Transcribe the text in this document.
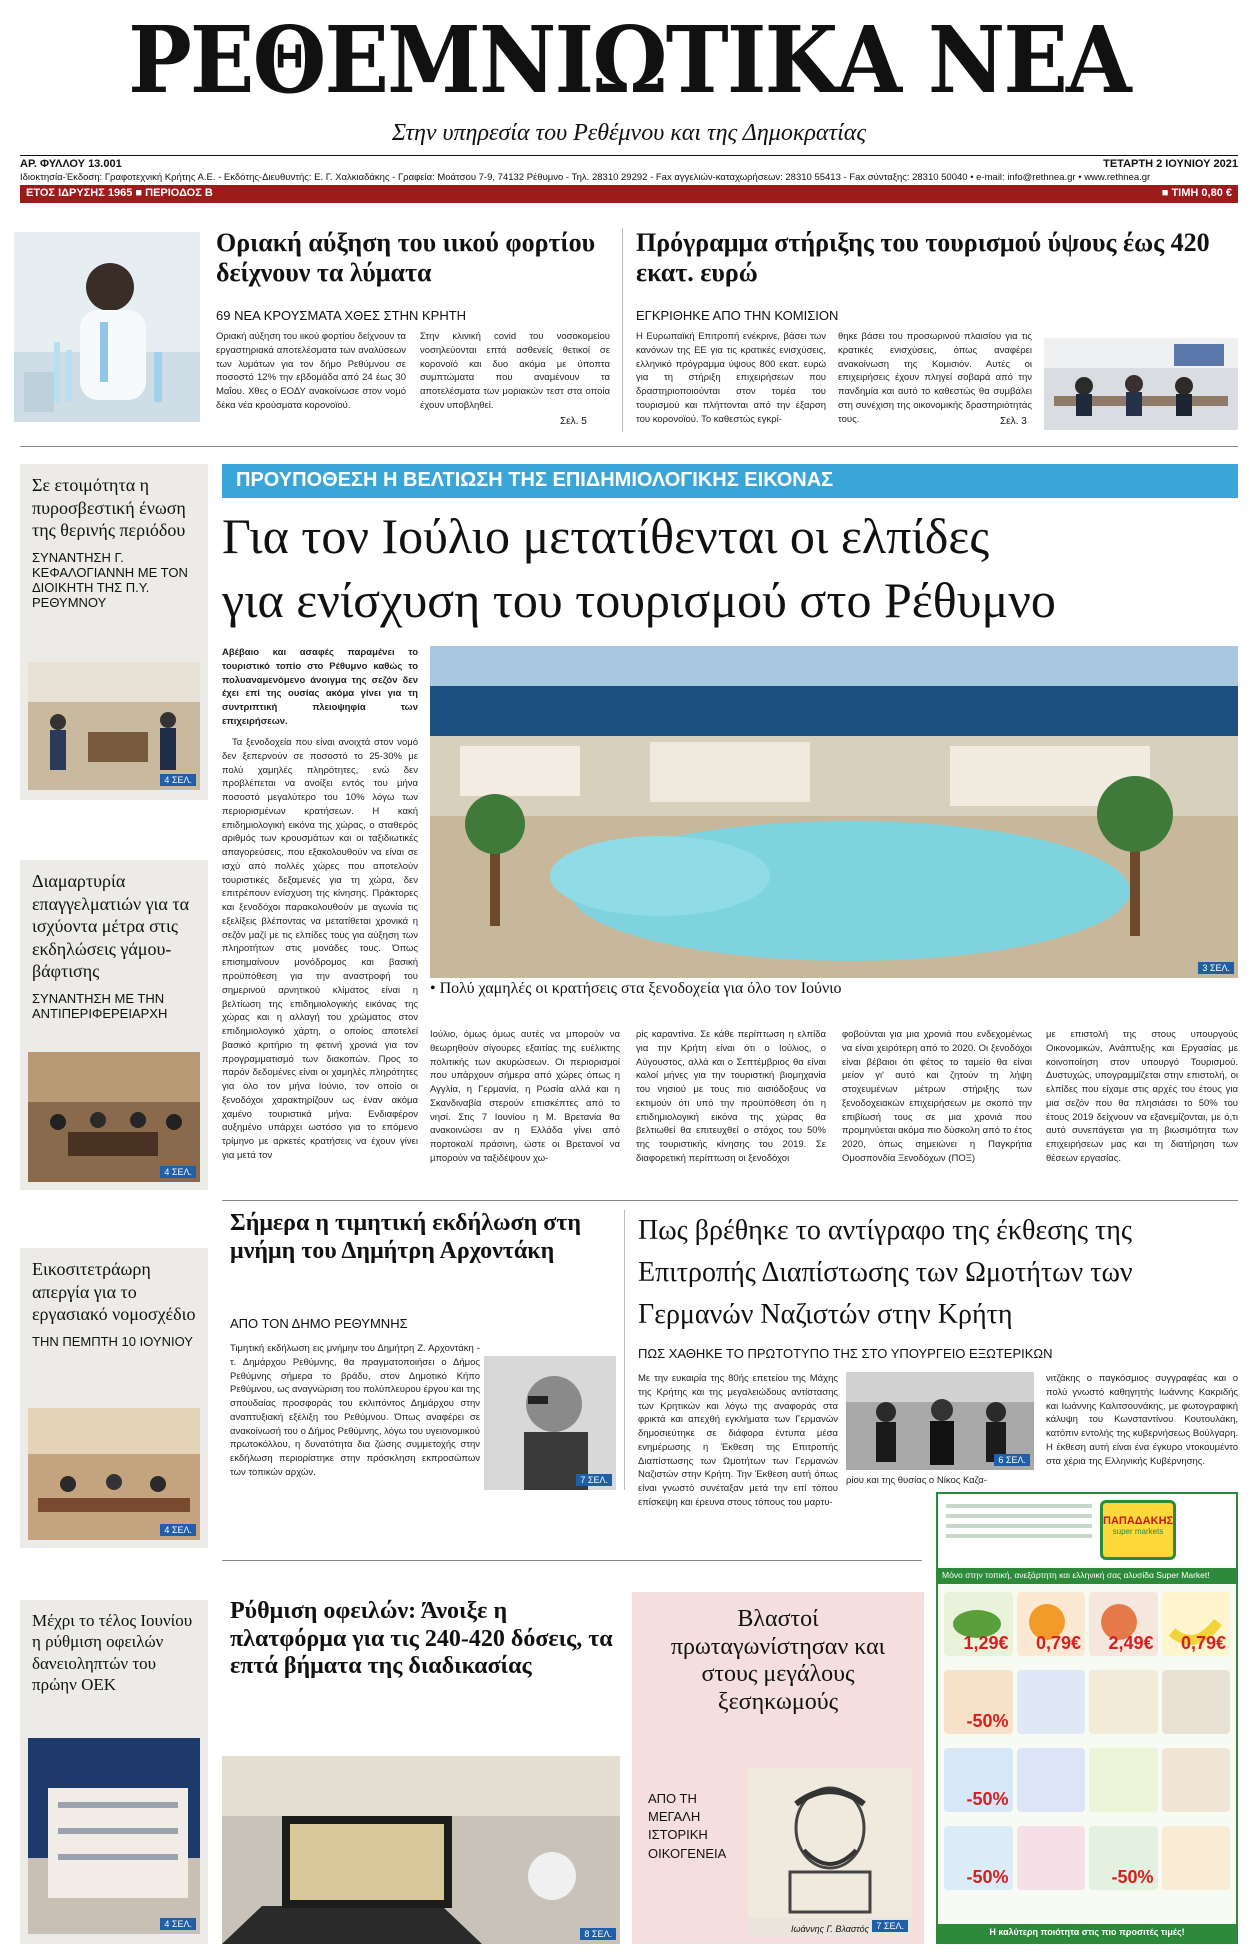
ΡΕΘΕΜΝΙΩΤΙΚΑ ΝΕΑ
Στην υπηρεσία του Ρεθέμνου και της Δημοκρατίας
ΑΡ. ΦΥΛΛΟΥ 13.001	ΤΕΤΑΡΤΗ 2 ΙΟΥΝΙΟΥ 2021
Ιδιοκτησία-Έκδοση: Γραφοτεχνική Κρήτης Α.Ε. - Εκδότης-Διευθυντής: Ε. Γ. Χαλκιαδάκης - Γραφεία: Μοάτσου 7-9, 74132 Ρέθυμνο - Τηλ. 28310 29292 - Fax αγγελιών-καταχωρήσεων: 28310 55413 - Fax σύνταξης: 28310 50040 • e-mail: info@rethnea.gr • www.rethnea.gr
ΕΤΟΣ ΙΔΡΥΣΗΣ 1965 ■ ΠΕΡΙΟΔΟΣ Β	■ ΤΙΜΗ 0,80 €
Οριακή αύξηση του ιικού φορτίου δείχνουν τα λύματα
69 ΝΕΑ ΚΡΟΥΣΜΑΤΑ ΧΘΕΣ ΣΤΗΝ ΚΡΗΤΗ
Οριακή αύξηση του ιικού φορτίου δείχνουν τα εργαστηριακά αποτελέσματα των αναλύσεων των λυμάτων για τον δήμο Ρεθύμνου σε ποσοστό 12% την εβδομάδα από 24 έως 30 Μαΐου. Χθες ο ΕΟΔΥ ανακοίνωσε στον νομό δέκα νέα κρούσματα κορονοϊού.
Στην κλινική covid του νοσοκομείου νοσηλεύονται επτά ασθενείς θετικοί σε κορονοϊό και δυο ακόμα με ύποπτα συμπτώματα που αναμένουν τα αποτελέσματα των μοριακών τεστ στα οποία έχουν υποβληθεί.
Σελ. 5
Πρόγραμμα στήριξης του τουρισμού ύψους έως 420 εκατ. ευρώ
ΕΓΚΡΙΘΗΚΕ ΑΠΟ ΤΗΝ ΚΟΜΙΣΙΟΝ
Η Ευρωπαϊκή Επιτροπή ενέκρινε, βάσει των κανόνων της ΕΕ για τις κρατικές ενισχύσεις, ελληνικό πρόγραμμα ύψους 800 εκατ. ευρώ για τη στήριξη επιχειρήσεων που δραστηριοποιούνται στον τομέα του τουρισμού και πλήττονται από την έξαρση του κορονοϊού. Το καθεστώς εγκρί-
θηκε βάσει του προσωρινού πλαισίου για τις κρατικές ενισχύσεις, όπως αναφέρει ανακοίνωση της Κομισιόν. Αυτές οι επιχειρήσεις έχουν πληγεί σοβαρά από την πανδημία και αυτό το καθεστώς θα συμβάλει στη συνέχιση της οικονομικής δραστηριότητάς τους.	Σελ. 3
Σε ετοιμότητα η πυροσβεστική ένωση της θερινής περιόδου
ΣΥΝΑΝΤΗΣΗ Γ. ΚΕΦΑΛΟΓΙΑΝΝΗ ΜΕ ΤΟΝ ΔΙΟΙΚΗΤΗ ΤΗΣ Π.Υ. ΡΕΘΥΜΝΟΥ
4 ΣΕΛ.
Διαμαρτυρία επαγγελματιών για τα ισχύοντα μέτρα στις εκδηλώσεις γάμου-βάφτισης
ΣΥΝΑΝΤΗΣΗ ΜΕ ΤΗΝ ΑΝΤΙΠΕΡΙΦΕΡΕΙΑΡΧΗ
4 ΣΕΛ.
Εικοσιτετράωρη απεργία για το εργασιακό νομοσχέδιο
ΤΗΝ ΠΕΜΠΤΗ 10 ΙΟΥΝΙΟΥ
4 ΣΕΛ.
Μέχρι το τέλος Ιουνίου η ρύθμιση οφειλών δανειοληπτών του πρώην ΟΕΚ
4 ΣΕΛ.
ΠΡΟΥΠΟΘΕΣΗ Η ΒΕΛΤΙΩΣΗ ΤΗΣ ΕΠΙΔΗΜΙΟΛΟΓΙΚΗΣ ΕΙΚΟΝΑΣ
Για τον Ιούλιο μετατίθενται οι ελπίδες
για ενίσχυση του τουρισμού στο Ρέθυμνο
Αβέβαιο και ασαφές παραμένει το τουριστικό τοπίο στο Ρέθυμνο καθώς το πολυαναμενόμενο άνοιγμα της σεζόν δεν έχει επί της ουσίας ακόμα γίνει για τη συντριπτική πλειοψηφία των επιχειρήσεων.
Τα ξενοδοχεία που είναι ανοιχτά στον νομό δεν ξεπερνούν σε ποσοστό το 25-30% με πολύ χαμηλές πληρότητες, ενώ δεν προβλέπεται να ανοίξει εντός του μήνα ποσοστό μεγαλύτερο του 10% λόγω των περιορισμένων κρατήσεων. Η κακή επιδημιολογική εικόνα της χώρας, ο σταθερός αριθμός των κρουσμάτων και οι ταξιδιωτικές απαγορεύσεις, που εξακολουθούν να είναι σε ισχύ από πολλές χώρες που αποτελούν τουριστικές δεξαμενές για τη χώρα, δεν επιτρέπουν ενίσχυση της κίνησης. Πράκτορες και ξενοδόχοι παρακολουθούν με αγωνία τις εξελίξεις βλέποντας να μετατίθεται χρονικά η σεζόν μαζί με τις ελπίδες τους για αύξηση των πληροτήτων στις μονάδες τους. Όπως επισημαίνουν μονόδρομος και βασική προϋπόθεση για την αναστροφή του σημερινού αρνητικού κλίματος είναι η βελτίωση της επιδημιολογικής εικόνας της χώρας και η αλλαγή του χρώματος στον επιδημιολογικό χάρτη, ο οποίος αποτελεί βασικό κριτήριο τη φετινή χρονιά για τον προγραμματισμό των διακοπών. Προς το παρόν δεδομένες είναι οι χαμηλές πληρότητες για όλο τον μήνα Ιούνιο, τον οποίο οι ξενοδόχοι χαρακτηρίζουν ως έναν ακόμα χαμένο τουριστικά μήνα. Ενδιαφέρον αυξημένο υπάρχει ωστόσο για το επόμενο τρίμηνο με αρκετές κρατήσεις να έχουν γίνει για μετά τον
3 ΣΕΛ.
• Πολύ χαμηλές οι κρατήσεις στα ξενοδοχεία για όλο τον Ιούνιο
Ιούλιο, όμως όμως αυτές να μπορούν να θεωρηθούν σίγουρες εξαιτίας της ευέλικτης πολιτικής των ακυρώσεων. Οι περιορισμοί που υπάρχουν σήμερα από χώρες όπως η Αγγλία, η Γερμανία, η Ρωσία αλλά και η Σκανδιναβία στερούν επισκέπτες από το νησί. Στις 7 Ιουνίου η Μ. Βρετανία θα ανακοινώσει αν η Ελλάδα γίνει από πορτοκαλί πράσινη, ώστε οι Βρετανοί να μπορούν να ταξιδέψουν χω-
ρίς καραντίνα. Σε κάθε περίπτωση η ελπίδα για την Κρήτη είναι ότι ο Ιούλιος, ο Αύγουστος, αλλά και ο Σεπτέμβριος θα είναι καλοί μήνες για την τουριστική βιομηχανία του νησιού με τους πιο αισιόδοξους να εκτιμούν ότι υπό την προϋπόθεση ότι η επιδημιολογική εικόνα της χώρας θα βελτιωθεί θα επιτευχθεί ο στόχος του 50% της τουριστικής κίνησης του 2019. Σε διαφορετική περίπτωση οι ξενοδόχοι
φοβούνται για μια χρονιά που ενδεχομένως να είναι χειρότερη από το 2020. Οι ξενοδόχοι είναι βέβαιοι ότι φέτος το ταμείο θα είναι μείον γι' αυτό και ζητούν τη λήψη στοχευμένων μέτρων στήριξης των ξενοδοχειακών επιχειρήσεων με σκοπό την επιβίωσή τους σε μια χρονιά που προμηνύεται ακόμα πιο δύσκολη από το έτος 2020, όπως σημειώνει η Παγκρήτια Ομοσπονδία Ξενοδόχων (ΠΟΞ)
με επιστολή της στους υπουργούς Οικονομικών, Ανάπτυξης και Εργασίας με κοινοποίηση στον υπουργό Τουρισμού. Δυστυχώς, υπογραμμίζεται στην επιστολή, οι ελπίδες που είχαμε στις αρχές του έτους για μια σεζόν που θα πλησιάσει το 50% του έτους 2019 δείχνουν να εξανεμίζονται, με ό,τι αυτό συνεπάγεται για τη βιωσιμότητα των επιχειρήσεων μας και τη διατήρηση των θέσεων εργασίας.
Σήμερα η τιμητική εκδήλωση στη μνήμη του Δημήτρη Αρχοντάκη
ΑΠΟ ΤΟΝ ΔΗΜΟ ΡΕΘΥΜΝΗΣ
Τιμητική εκδήλωση εις μνήμην του Δημήτρη Ζ. Αρχοντάκη - τ. Δημάρχου Ρεθύμνης, θα πραγματοποιήσει ο Δήμος Ρεθύμνης σήμερα το βράδυ, στον Δημοτικό Κήπο Ρεθύμνου, ως αναγνώριση του πολύπλευρου έργου και της σπουδαίας προσφοράς του εκλιπόντος Δημάρχου στην αναπτυξιακή εξέλιξη του Ρεθύμνου. Όπως αναφέρει σε ανακοίνωσή του ο Δήμος Ρεθύμνης, λόγω του υγειονομικού πρωτοκόλλου, η δυνατότητα δια ζώσης συμμετοχής στην εκδήλωση περιορίστηκε στην πρόσκληση εκπροσώπων των τοπικών αρχών.
7 ΣΕΛ.
Πως βρέθηκε το αντίγραφο της έκθεσης της Επιτροπής Διαπίστωσης των Ωμοτήτων των Γερμανών Ναζιστών στην Κρήτη
ΠΩΣ ΧΑΘΗΚΕ ΤΟ ΠΡΩΤΟΤΥΠΟ ΤΗΣ ΣΤΟ ΥΠΟΥΡΓΕΙΟ ΕΞΩΤΕΡΙΚΩΝ
Με την ευκαιρία της 80ής επετείου της Μάχης της Κρήτης και της μεγαλειώδους αντίστασης των Κρητικών και λόγω της αναφοράς στα φρικτά και απεχθή εγκλήματα των Γερμανών δημοσιεύτηκε σε διάφορα έντυπα μέσα ενημέρωσης η Έκθεση της Επιτροπής Διαπίστωσης των Ωμοτήτων των Γερμανών Ναζιστών στην Κρήτη. Την Έκθεση αυτή όπως είναι γνωστό συνέταξαν μετά την επί τόπου επίσκεψη και έρευνα στους τόπους του μαρτυ-
6 ΣΕΛ.
ρίου και της θυσίας ο Νίκος Καζα-
νιτζάκης ο παγκόσμιος συγγραφέας και ο πολύ γνωστό καθηγητής Ιωάννης Κακριδής και Ιωάννης Καλιτσουνάκης, με φωτογραφική κάλυψη του Κωνσταντίνου Κουτουλάκη, κατόπιν εντολής της κυβερνήσεως Βούλγαρη. Η έκθεση αυτή είναι ένα έγκυρο ντοκουμέντο στα χέρια της Ελληνικής Κυβέρνησης.
Ρύθμιση οφειλών: Άνοιξε η πλατφόρμα για τις 240-420 δόσεις, τα επτά βήματα της διαδικασίας
8 ΣΕΛ.
Βλαστοί πρωταγωνίστησαν και στους μεγάλους ξεσηκωμούς
ΑΠΟ ΤΗ ΜΕΓΑΛΗ ΙΣΤΟΡΙΚΗ ΟΙΚΟΓΕΝΕΙΑ
Ιωάννης Γ. Βλαστός 7 ΣΕΛ.
ΠΑΠΑΔΑΚΗΣ
super markets
Μόνο στην τοπική, ανεξάρτητη και ελληνική σας αλυσίδα Super Market!
1,29€ 0,79€ 2,49€ 0,79€
-50%
-50%
-50%	-50%
Η καλύτερη ποιότητα στις πιο προσιτές τιμές!
